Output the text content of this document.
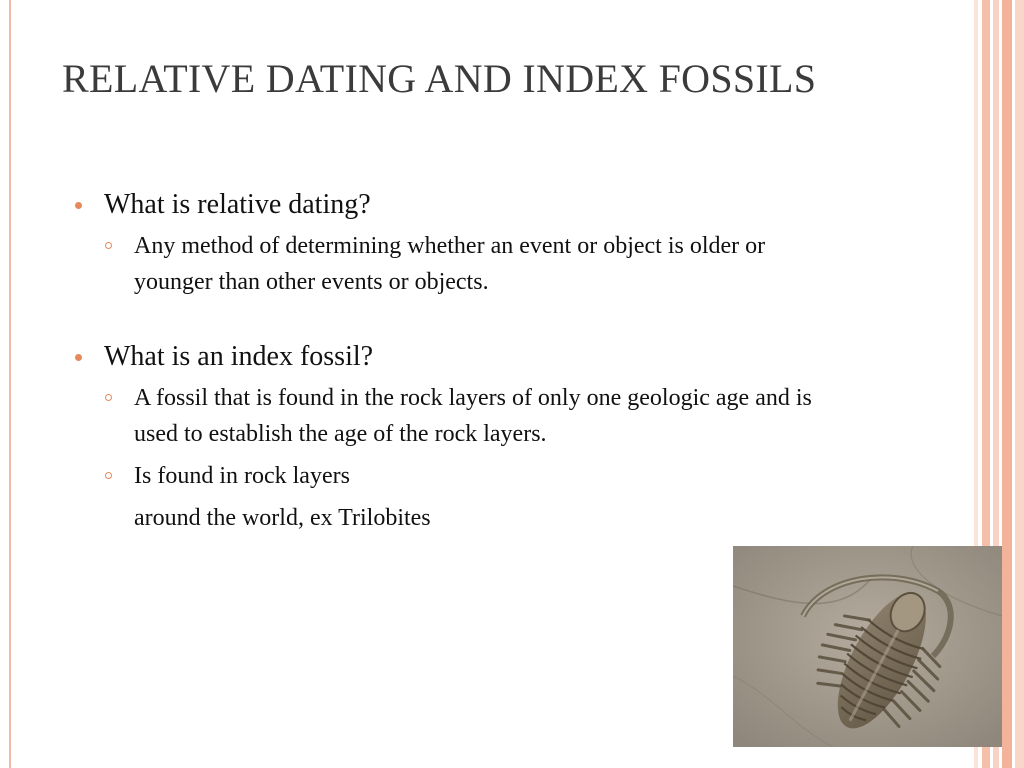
RELATIVE DATING AND INDEX FOSSILS

What is relative dating?

Any method of determining whether an event or object is older or younger than other events or objects.

What is an index fossil?

A fossil that is found in the rock layers of only one geologic age and is used to establish the age of the rock layers.

Is found in rock layers

around the world, ex Trilobites
